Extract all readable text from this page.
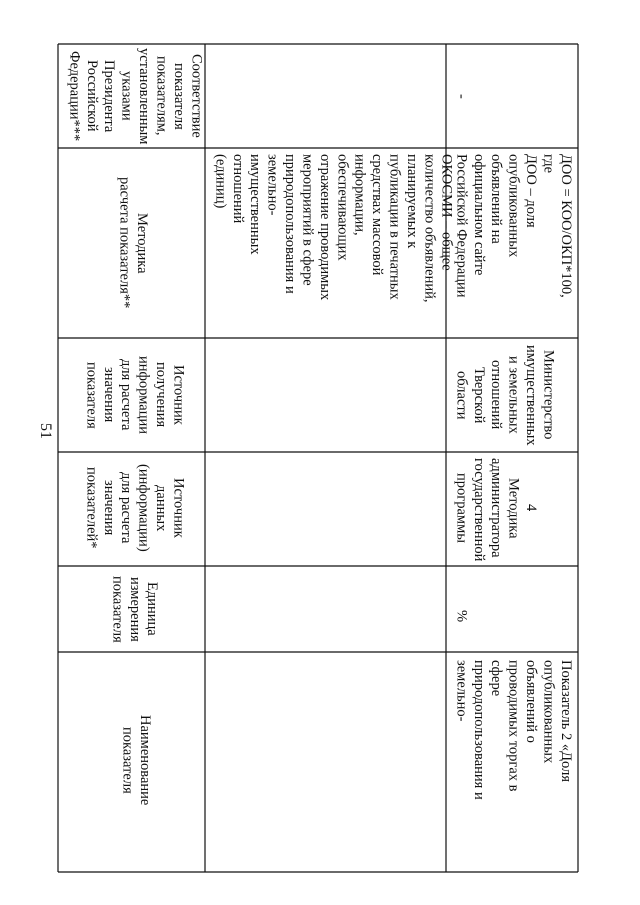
51
Наименование
показателя
Единица
измерения
показателя
Источник
данных
(информации)
для расчета
значения
показателей*
Источник
получения
информации
для расчета
значения
показателя
Методика
расчета показателя**
Соответствие
показателя
показателям,
установленным
указами
Президента
Российской
Федерации***
ОКОСМИ – общее
количество объявлений,
планируемых к
публикации в печатных
средствах массовой
информации,
обеспечивающих
отражение проводимых
мероприятий в сфере
природопользования и
земельно-
имущественных
отношений
(единиц)
Показатель 2 «Доля
опубликованных
объявлений о
проводимых торгах в
сфере
природопользования и
земельно-
%
4
Методика
администратора
государственной
программы
Министерство
имущественных
и земельных
отношений
Тверской
области
ДОО = КОО/ОКП*100,
где
ДОО – доля
опубликованных
объявлений на
официальном сайте
Российской Федерации
-
